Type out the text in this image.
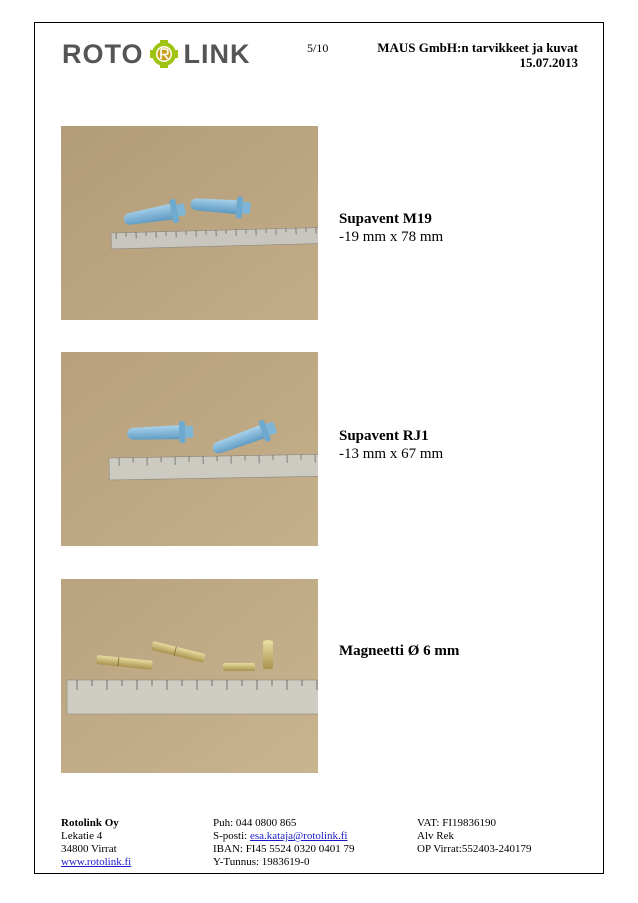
ROTO LINK	5/10	MAUS GmbH:n tarvikkeet ja kuvat
15.07.2013
Supavent M19
-19 mm x 78 mm
Supavent RJ1
-13 mm x 67 mm
Magneetti Ø 6 mm
Rotolink Oy
Lekatie 4
34800 Virrat
www.rotolink.fi
Puh: 044 0800 865
S-posti: esa.kataja@rotolink.fi
IBAN: FI45 5524 0320 0401 79
Y-Tunnus: 1983619-0
VAT: FI19836190
Alv Rek
OP Virrat:552403-240179
